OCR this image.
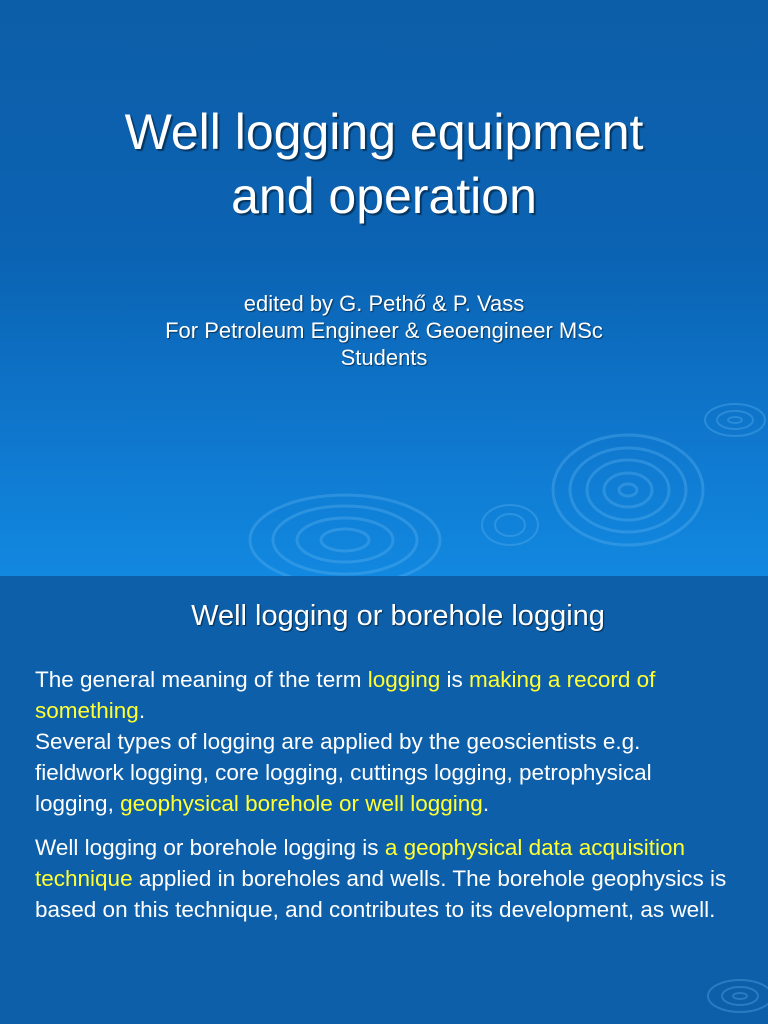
Well logging equipment
and operation
edited by G. Pethő & P. Vass
For Petroleum Engineer & Geoengineer MSc
Students
Well logging or borehole logging
The general meaning of the term logging is making a record of something.
Several types of logging are applied by the geoscientists e.g. fieldwork logging, core logging, cuttings logging, petrophysical logging, geophysical borehole or well logging.
Well logging or borehole logging is a geophysical data acquisition technique applied in boreholes and wells. The borehole geophysics is based on this technique, and contributes to its development, as well.
